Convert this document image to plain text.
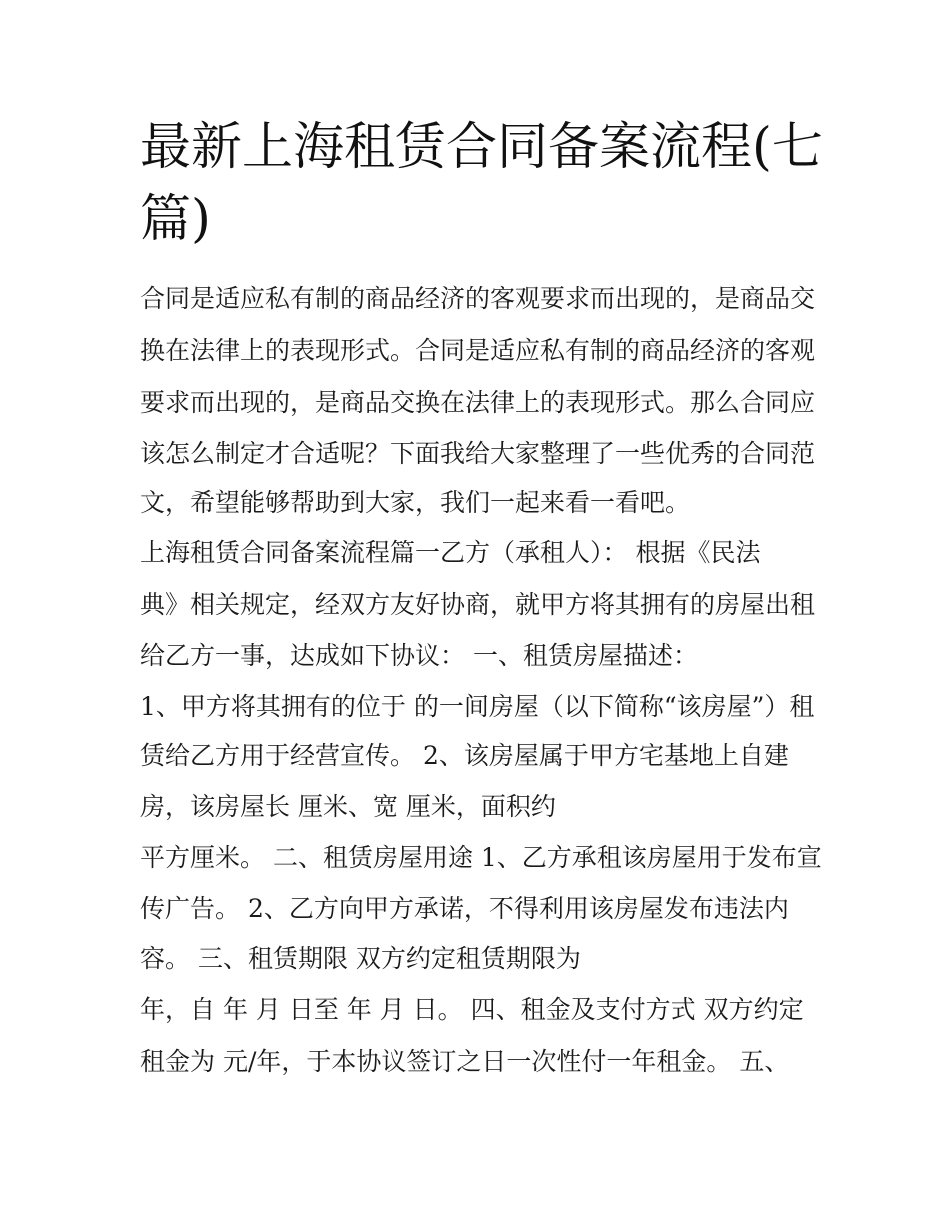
最新上海租赁合同备案流程(七
篇)

合同是适应私有制的商品经济的客观要求而出现的，是商品交

换在法律上的表现形式。合同是适应私有制的商品经济的客观

要求而出现的，是商品交换在法律上的表现形式。那么合同应

该怎么制定才合适呢？下面我给大家整理了一些优秀的合同范

文，希望能够帮助到大家，我们一起来看一看吧。

上海租赁合同备案流程篇一乙方（承租人）： 根据《民法

典》相关规定，经双方友好协商，就甲方将其拥有的房屋出租

给乙方一事，达成如下协议： 一、租赁房屋描述：

1、甲方将其拥有的位于 的一间房屋（以下简称“该房屋”）租

赁给乙方用于经营宣传。 2、该房屋属于甲方宅基地上自建

房，该房屋长 厘米、宽 厘米，面积约

平方厘米。 二、租赁房屋用途 1、乙方承租该房屋用于发布宣

传广告。 2、乙方向甲方承诺，不得利用该房屋发布违法内

容。 三、租赁期限 双方约定租赁期限为

年，自 年 月 日至 年 月 日。 四、租金及支付方式 双方约定

租金为 元/年，于本协议签订之日一次性付一年租金。 五、
